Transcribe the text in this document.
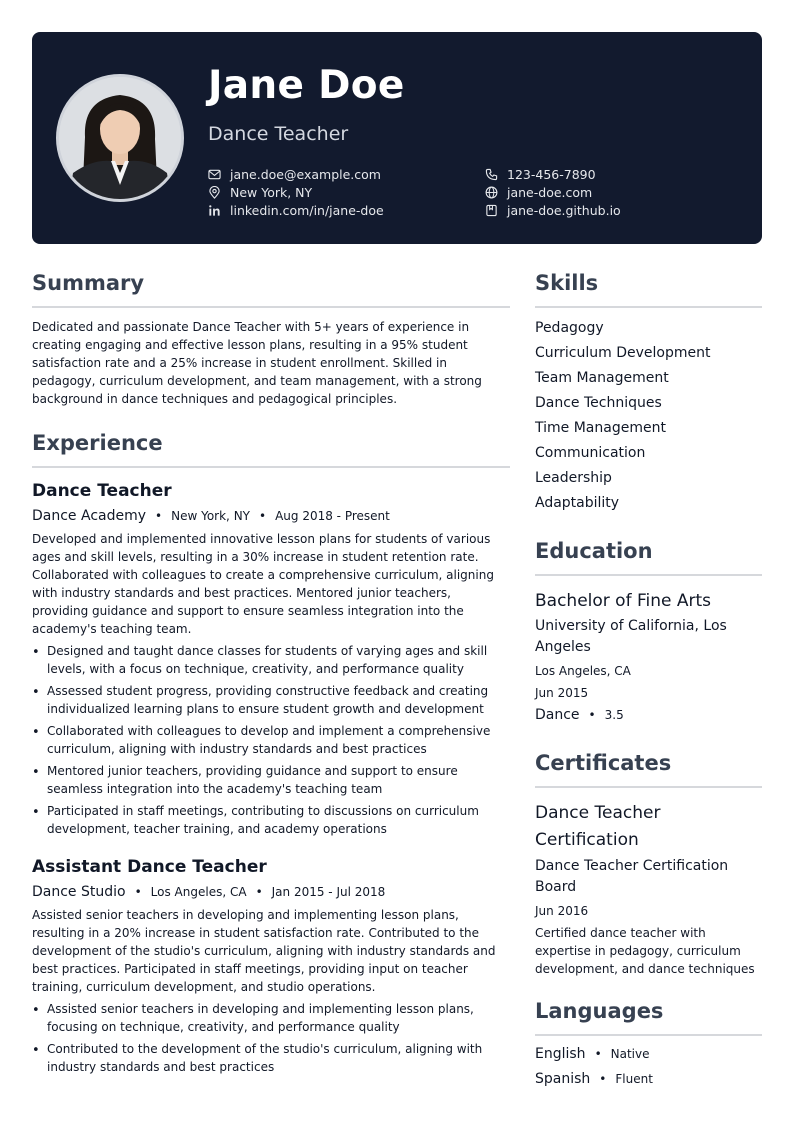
Jane Doe

Dance Teacher

jane.doe@example.com
New York, NY
linkedin.com/in/jane-doe
123-456-7890
jane-doe.com
jane-doe.github.io
Summary

Dedicated and passionate Dance Teacher with 5+ years of experience in creating engaging and effective lesson plans, resulting in a 95% student satisfaction rate and a 25% increase in student enrollment. Skilled in pedagogy, curriculum development, and team management, with a strong background in dance techniques and pedagogical principles.

Experience
Dance Teacher
Dance Academy • New York, NY • Aug 2018 - Present

Developed and implemented innovative lesson plans for students of various ages and skill levels, resulting in a 30% increase in student retention rate. Collaborated with colleagues to create a comprehensive curriculum, aligning with industry standards and best practices. Mentored junior teachers, providing guidance and support to ensure seamless integration into the academy's teaching team.

• Designed and taught dance classes for students of varying ages and skill levels, with a focus on technique, creativity, and performance quality
• Assessed student progress, providing constructive feedback and creating individualized learning plans to ensure student growth and development
• Collaborated with colleagues to develop and implement a comprehensive curriculum, aligning with industry standards and best practices
• Mentored junior teachers, providing guidance and support to ensure seamless integration into the academy's teaching team
• Participated in staff meetings, contributing to discussions on curriculum development, teacher training, and academy operations
Assistant Dance Teacher
Dance Studio • Los Angeles, CA • Jan 2015 - Jul 2018

Assisted senior teachers in developing and implementing lesson plans, resulting in a 20% increase in student satisfaction rate. Contributed to the development of the studio's curriculum, aligning with industry standards and best practices. Participated in staff meetings, providing input on teacher training, curriculum development, and studio operations.

• Assisted senior teachers in developing and implementing lesson plans, focusing on technique, creativity, and performance quality
• Contributed to the development of the studio's curriculum, aligning with industry standards and best practices
Skills
Pedagogy
Curriculum Development
Team Management
Dance Techniques
Time Management
Communication
Leadership
Adaptability
Education

Bachelor of Fine Arts

University of California, Los Angeles

Los Angeles, CA

Jun 2015

Dance • 3.5
Certificates

Dance Teacher Certification

Dance Teacher Certification Board

Jun 2016

Certified dance teacher with expertise in pedagogy, curriculum development, and dance techniques

Languages
English • Native
Spanish • Fluent
